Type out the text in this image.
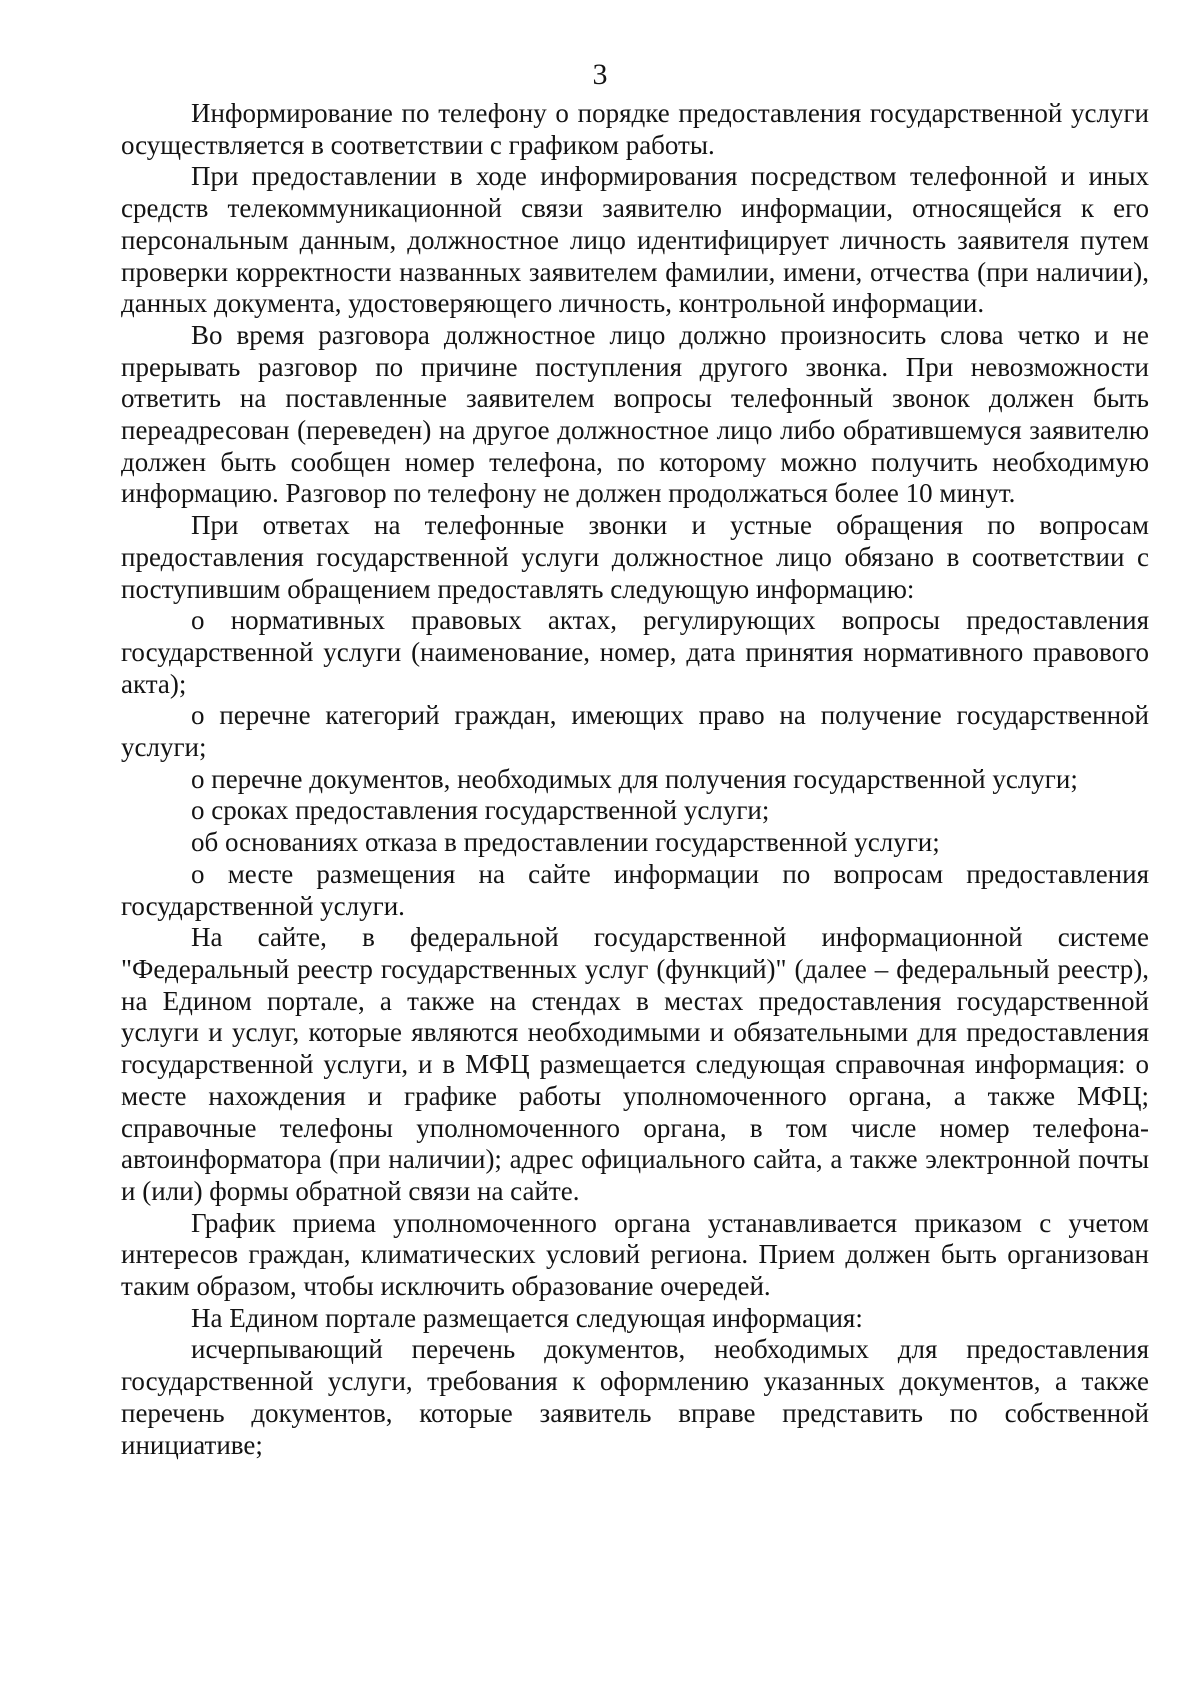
3

Информирование по телефону о порядке предоставления государственной услуги осуществляется в соответствии с графиком работы.

При предоставлении в ходе информирования посредством телефонной и иных средств телекоммуникационной связи заявителю информации, относящейся к его персональным данным, должностное лицо идентифицирует личность заявителя путем проверки корректности названных заявителем фамилии, имени, отчества (при наличии), данных документа, удостоверяющего личность, контрольной информации.

Во время разговора должностное лицо должно произносить слова четко и не прерывать разговор по причине поступления другого звонка. При невозможности ответить на поставленные заявителем вопросы телефонный звонок должен быть переадресован (переведен) на другое должностное лицо либо обратившемуся заявителю должен быть сообщен номер телефона, по которому можно получить необходимую информацию. Разговор по телефону не должен продолжаться более 10 минут.

При ответах на телефонные звонки и устные обращения по вопросам предоставления государственной услуги должностное лицо обязано в соответствии с поступившим обращением предоставлять следующую информацию:

о нормативных правовых актах, регулирующих вопросы предоставления государственной услуги (наименование, номер, дата принятия нормативного правового акта);

о перечне категорий граждан, имеющих право на получение государственной услуги;

о перечне документов, необходимых для получения государственной услуги;

о сроках предоставления государственной услуги;

об основаниях отказа в предоставлении государственной услуги;

о месте размещения на сайте информации по вопросам предоставления государственной услуги.

На сайте, в федеральной государственной информационной системе "Федеральный реестр государственных услуг (функций)" (далее – федеральный реестр), на Едином портале, а также на стендах в местах предоставления государственной услуги и услуг, которые являются необходимыми и обязательными для предоставления государственной услуги, и в МФЦ размещается следующая справочная информация: о месте нахождения и графике работы уполномоченного органа, а также МФЦ; справочные телефоны уполномоченного органа, в том числе номер телефона-автоинформатора (при наличии); адрес официального сайта, а также электронной почты и (или) формы обратной связи на сайте.

График приема уполномоченного органа устанавливается приказом с учетом интересов граждан, климатических условий региона. Прием должен быть организован таким образом, чтобы исключить образование очередей.

На Едином портале размещается следующая информация:

исчерпывающий перечень документов, необходимых для предоставления государственной услуги, требования к оформлению указанных документов, а также перечень документов, которые заявитель вправе представить по собственной инициативе;
